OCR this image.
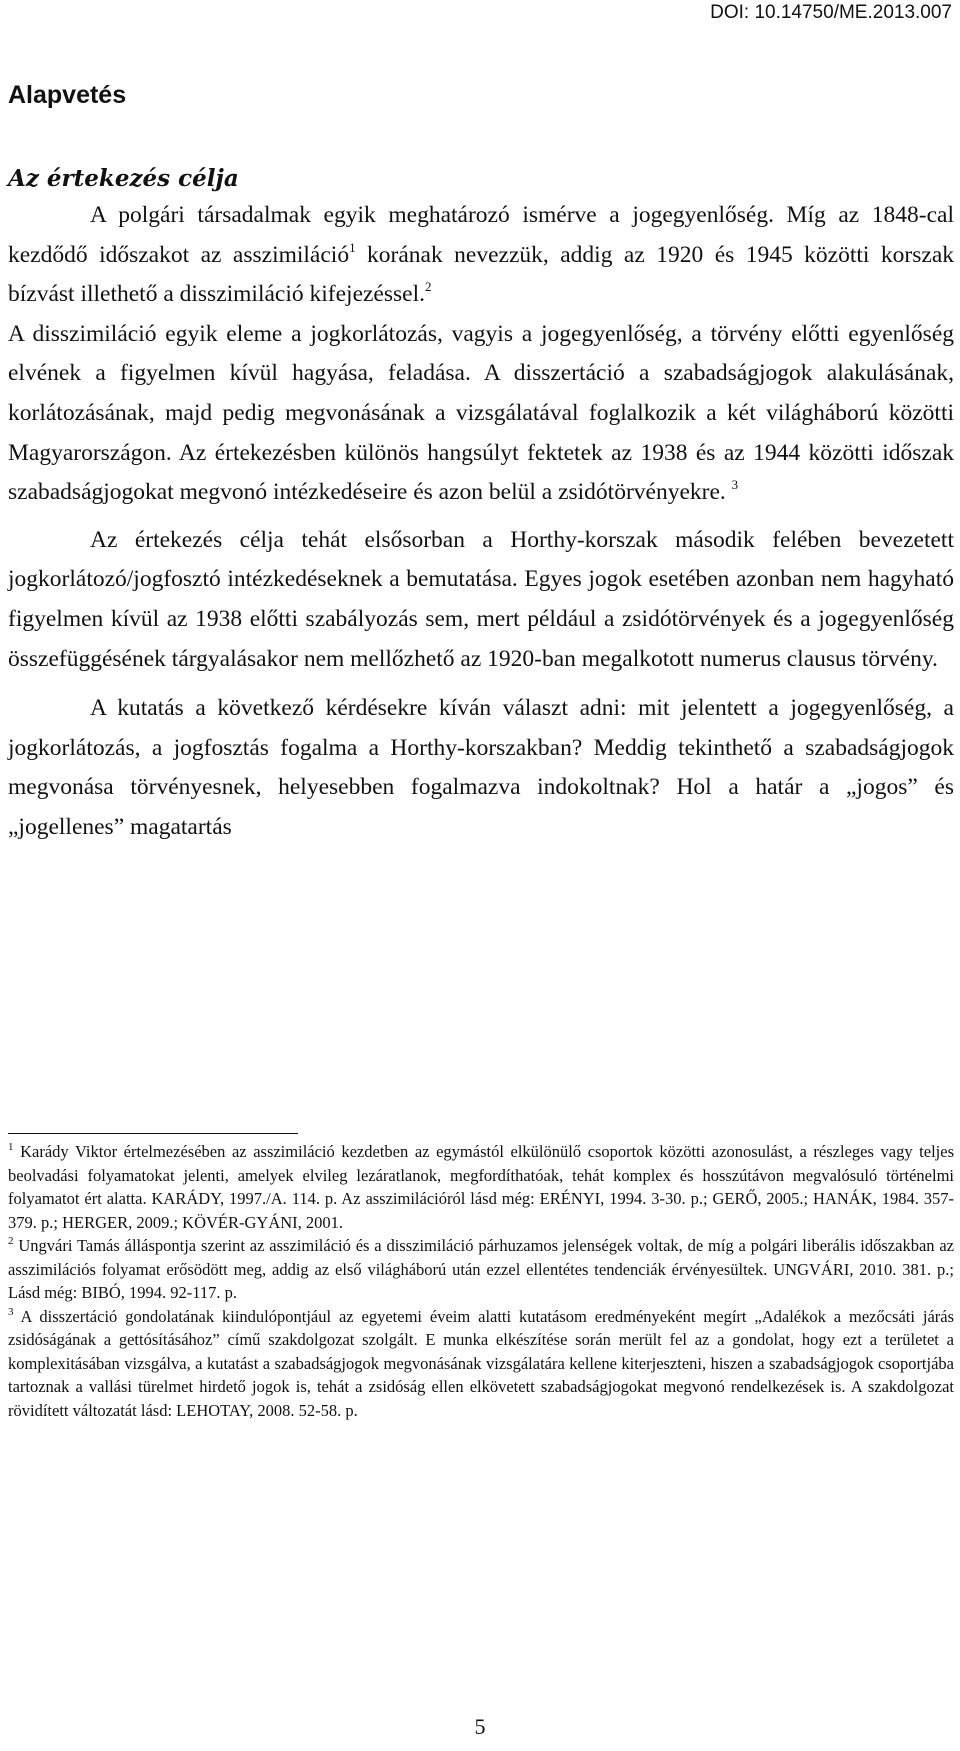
DOI: 10.14750/ME.2013.007
Alapvetés
Az értekezés célja

A polgári társadalmak egyik meghatározó ismérve a jogegyenlőség. Míg az 1848-cal kezdődő időszakot az asszimiláció$^1$ korának nevezzük, addig az 1920 és 1945 közötti korszak bízvást illethető a disszimiláció kifejezéssel.$^2$

A disszimiláció egyik eleme a jogkorlátozás, vagyis a jogegyenlőség, a törvény előtti egyenlőség elvének a figyelmen kívül hagyása, feladása. A disszertáció a szabadságjogok alakulásának, korlátozásának, majd pedig megvonásának a vizsgálatával foglalkozik a két világháború közötti Magyarországon. Az értekezésben különös hangsúlyt fektetek az 1938 és az 1944 közötti időszak szabadságjogokat megvonó intézkedéseire és azon belül a zsidótörvényekre. $^3$

Az értekezés célja tehát elsősorban a Horthy-korszak második felében bevezetett jogkorlátozó/jogfosztó intézkedéseknek a bemutatása. Egyes jogok esetében azonban nem hagyható figyelmen kívül az 1938 előtti szabályozás sem, mert például a zsidótörvények és a jogegyenlőség összefüggésének tárgyalásakor nem mellőzhető az 1920-ban megalkotott numerus clausus törvény.

A kutatás a következő kérdésekre kíván választ adni: mit jelentett a jogegyenlőség, a jogkorlátozás, a jogfosztás fogalma a Horthy-korszakban? Meddig tekinthető a szabadságjogok megvonása törvényesnek, helyesebben fogalmazva indokoltnak? Hol a határ a „jogos” és „jogellenes” magatartás

$^1$ Karády Viktor értelmezésében az asszimiláció kezdetben az egymástól elkülönülő csoportok közötti azonosulást, a részleges vagy teljes beolvadási folyamatokat jelenti, amelyek elvileg lezáratlanok, megfordíthatóak, tehát komplex és hosszútávon megvalósuló történelmi folyamatot ért alatta. KARÁDY, 1997./A. 114. p. Az asszimilációról lásd még: ERÉNYI, 1994. 3-30. p.; GERŐ, 2005.; HANÁK, 1984. 357-379. p.; HERGER, 2009.; KÖVÉR-GYÁNI, 2001.

$^2$ Ungvári Tamás álláspontja szerint az asszimiláció és a disszimiláció párhuzamos jelenségek voltak, de míg a polgári liberális időszakban az asszimilációs folyamat erősödött meg, addig az első világháború után ezzel ellentétes tendenciák érvényesültek. UNGVÁRI, 2010. 381. p.; Lásd még: BIBÓ, 1994. 92-117. p.

$^3$ A disszertáció gondolatának kiindulópontjául az egyetemi éveim alatti kutatásom eredményeként megírt „Adalékok a mezőcsáti járás zsidóságának a gettósításához” című szakdolgozat szolgált. E munka elkészítése során merült fel az a gondolat, hogy ezt a területet a komplexitásában vizsgálva, a kutatást a szabadságjogok megvonásának vizsgálatára kellene kiterjeszteni, hiszen a szabadságjogok csoportjába tartoznak a vallási türelmet hirdető jogok is, tehát a zsidóság ellen elkövetett szabadságjogokat megvonó rendelkezések is. A szakdolgozat rövidített változatát lásd: LEHOTAY, 2008. 52-58. p.

5
